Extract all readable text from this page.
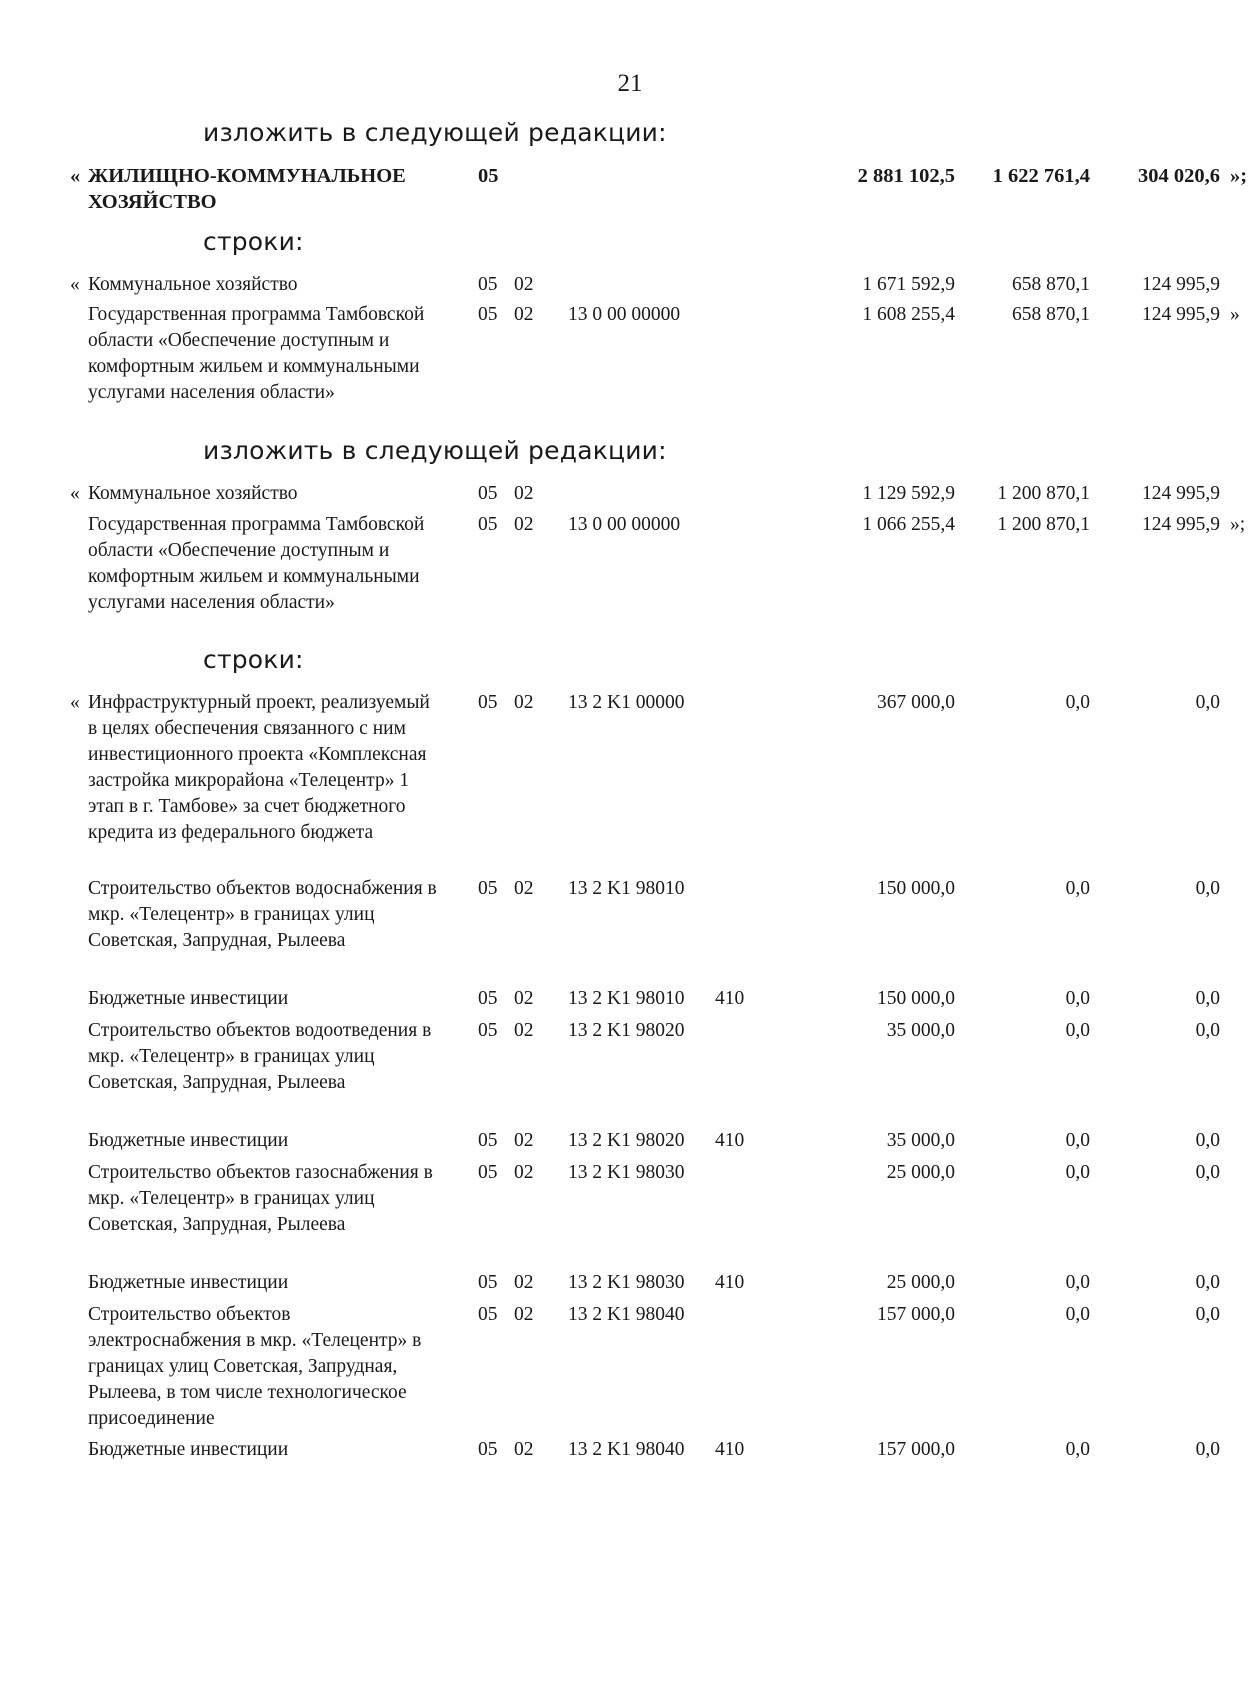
21
изложить в следующей редакции:
« ЖИЛИЩНО-КОММУНАЛЬНОЕ ХОЗЯЙСТВО
05	2 881 102,5	1 622 761,4	304 020,6 »;
строки:
« Коммунальное хозяйство	05 02	1 671 592,9	658 870,1	124 995,9
Государственная программа Тамбовской области «Обеспечение доступным и комфортным жильем и коммунальными услугами населения области»
05 02 13 0 00 00000	1 608 255,4	658 870,1	124 995,9 »
изложить в следующей редакции:
« Коммунальное хозяйство	05 02	1 129 592,9	1 200 870,1	124 995,9
Государственная программа Тамбовской области «Обеспечение доступным и комфортным жильем и коммунальными услугами населения области»
05 02 13 0 00 00000	1 066 255,4	1 200 870,1	124 995,9 »;
строки:
« Инфраструктурный проект, реализуемый в целях обеспечения связанного с ним инвестиционного проекта «Комплексная застройка микрорайона «Телецентр» 1 этап в г. Тамбове» за счет бюджетного кредита из федерального бюджета
05 02 13 2 K1 00000	367 000,0	0,0	0,0
Строительство объектов водоснабжения в мкр. «Телецентр» в границах улиц Советская, Запрудная, Рылеева
05 02 13 2 K1 98010	150 000,0	0,0	0,0
Бюджетные инвестиции	05 02 13 2 K1 98010 410	150 000,0	0,0	0,0
Строительство объектов водоотведения в мкр. «Телецентр» в границах улиц Советская, Запрудная, Рылеева
05 02 13 2 K1 98020	35 000,0	0,0	0,0
Бюджетные инвестиции	05 02 13 2 K1 98020 410	35 000,0	0,0	0,0
Строительство объектов газоснабжения в мкр. «Телецентр» в границах улиц Советская, Запрудная, Рылеева
05 02 13 2 K1 98030	25 000,0	0,0	0,0
Бюджетные инвестиции	05 02 13 2 K1 98030 410	25 000,0	0,0	0,0
Строительство объектов электроснабжения в мкр. «Телецентр» в границах улиц Советская, Запрудная, Рылеева, в том числе технологическое присоединение
05 02 13 2 K1 98040	157 000,0	0,0	0,0
Бюджетные инвестиции	05 02 13 2 K1 98040 410	157 000,0	0,0	0,0
